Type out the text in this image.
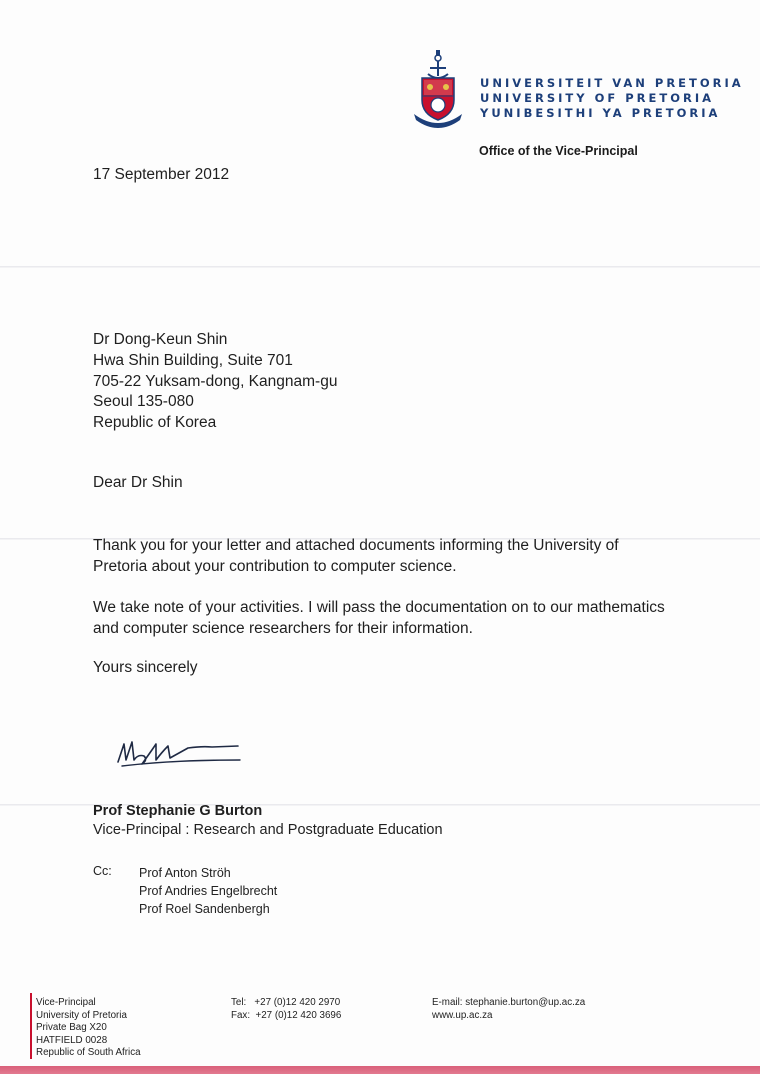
UNIVERSITEIT VAN PRETORIA
UNIVERSITY OF PRETORIA
YUNIBESITHI YA PRETORIA
Office of the Vice-Principal
17 September 2012
Dr Dong-Keun Shin
Hwa Shin Building, Suite 701
705-22 Yuksam-dong, Kangnam-gu
Seoul 135-080
Republic of Korea
Dear Dr Shin
Thank you for your letter and attached documents informing the University of
Pretoria about your contribution to computer science.
We take note of your activities. I will pass the documentation on to our mathematics
and computer science researchers for their information.
Yours sincerely
Prof Stephanie G Burton
Vice-Principal : Research and Postgraduate Education
Cc: Prof Anton Ströh
Prof Andries Engelbrecht
Prof Roel Sandenbergh
Vice-Principal
University of Pretoria
Private Bag X20
HATFIELD 0028
Republic of South Africa
Tel:   +27 (0)12 420 2970
Fax:  +27 (0)12 420 3696
E-mail: stephanie.burton@up.ac.za
www.up.ac.za
